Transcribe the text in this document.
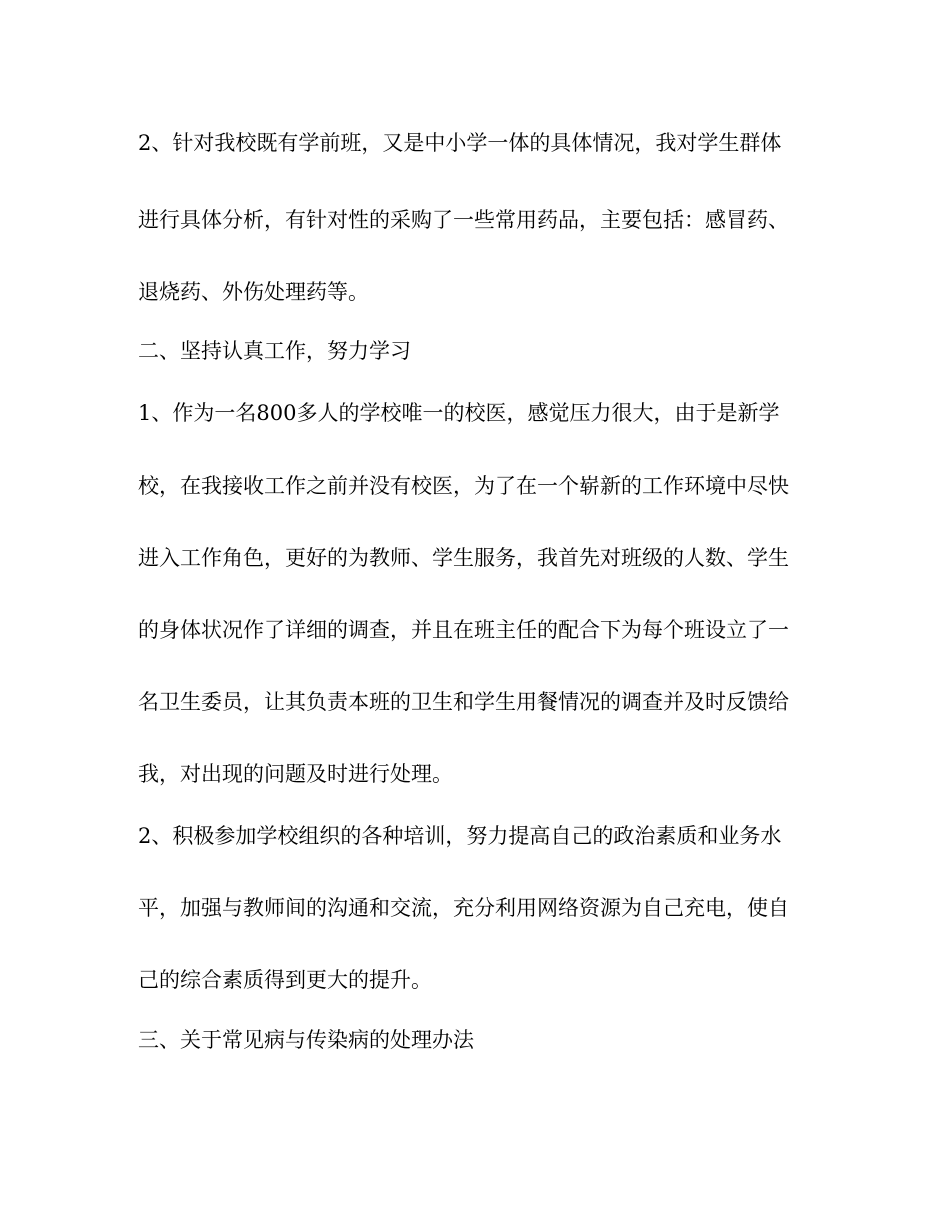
2、针对我校既有学前班，又是中小学一体的具体情况，我对学生群体
进行具体分析，有针对性的采购了一些常用药品，主要包括：感冒药、
退烧药、外伤处理药等。
二、坚持认真工作，努力学习
1、作为一名800多人的学校唯一的校医，感觉压力很大，由于是新学
校，在我接收工作之前并没有校医，为了在一个崭新的工作环境中尽快
进入工作角色，更好的为教师、学生服务，我首先对班级的人数、学生
的身体状况作了详细的调查，并且在班主任的配合下为每个班设立了一
名卫生委员，让其负责本班的卫生和学生用餐情况的调查并及时反馈给
我，对出现的问题及时进行处理。
2、积极参加学校组织的各种培训，努力提高自己的政治素质和业务水
平，加强与教师间的沟通和交流，充分利用网络资源为自己充电，使自
己的综合素质得到更大的提升。
三、关于常见病与传染病的处理办法
